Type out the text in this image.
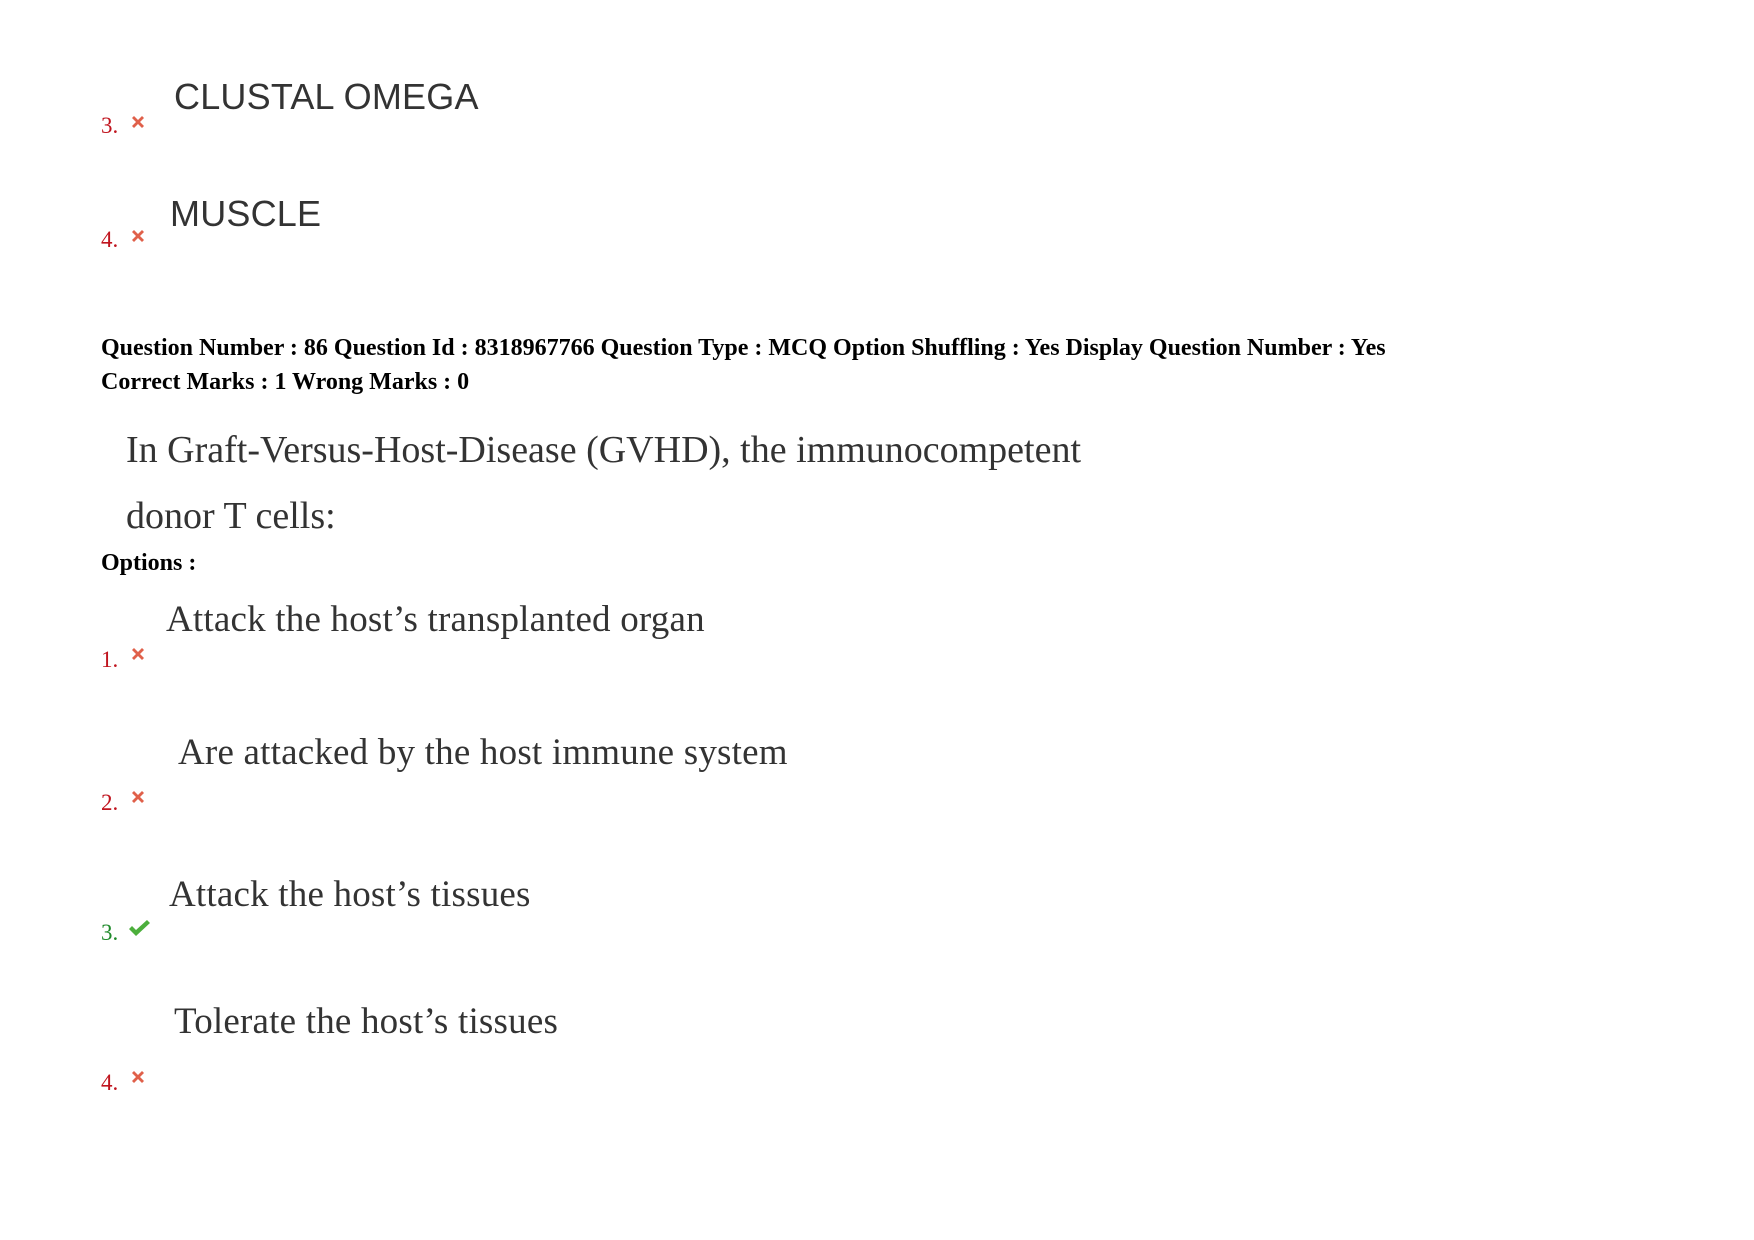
CLUSTAL OMEGA
3.
MUSCLE
4.
Question Number : 86 Question Id : 8318967766 Question Type : MCQ Option Shuffling : Yes Display Question Number : Yes
Correct Marks : 1 Wrong Marks : 0
In Graft-Versus-Host-Disease (GVHD), the immunocompetent
donor T cells:
Options :
Attack the host’s transplanted organ
1.
Are attacked by the host immune system
2.
Attack the host’s tissues
3.
Tolerate the host’s tissues
4.
